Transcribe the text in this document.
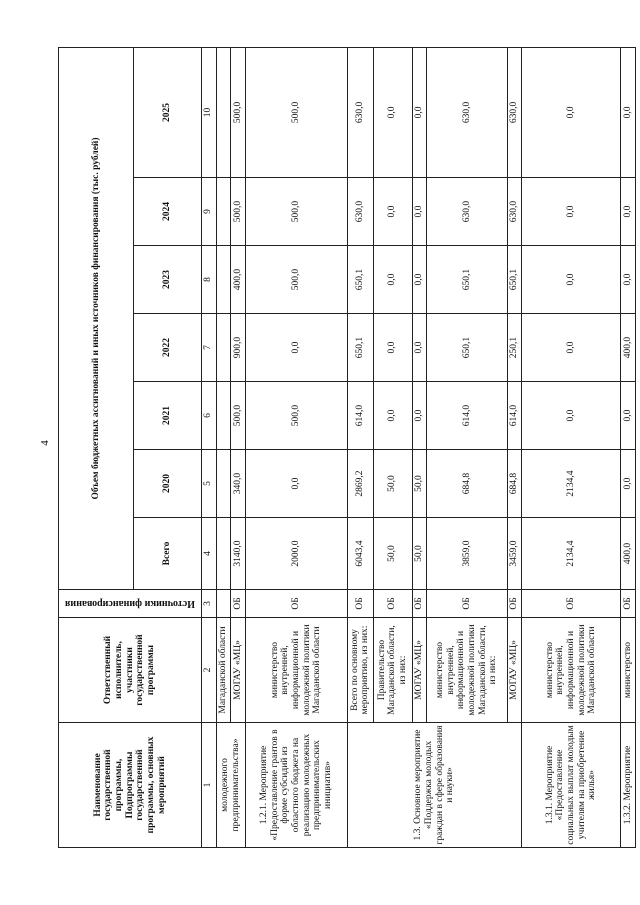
4
Наименование государственной программы, Подпрограммы государственной программы, основных мероприятий	Ответственный исполнитель, участники государственной программы	Источники финансирования	Объем бюджетных ассигнований и иных источников финансирования (тыс. рублей)						
			Всего	2020	2021	2022	2023	2024	2025
1	2	3	4	5	6	7	8	9	10
молодежного предпринимательства»	Магаданской области								
	МОГАУ «МЦ»	ОБ	3140,0	340,0	500,0	900,0	400,0	500,0	500,0
1.2.1. Мероприятие «Предоставление грантов в форме субсидий из областного бюджета на реализацию молодежных предпринимательских инициатив»	министерство внутренней, информационной и молодежной политики Магаданской области	ОБ	2000,0	0,0	500,0	0,0	500,0	500,0	500,0
1.3. Основное мероприятие «Поддержка молодых граждан в сфере образования и науки»	Всего по основному мероприятию, из них:	ОБ	6043,4	2869,2	614,0	650,1	650,1	630,0	630,0
	Правительство Магаданской области, из них:	ОБ	50,0	50,0	0,0	0,0	0,0	0,0	0,0
	МОГАУ «МЦ»	ОБ	50,0	50,0	0,0	0,0	0,0	0,0	0,0
	министерство внутренней, информационной и молодежной политики Магаданской области, из них:	ОБ	3859,0	684,8	614,0	650,1	650,1	630,0	630,0
	МОГАУ «МЦ»	ОБ	3459,0	684,8	614,0	250,1	650,1	630,0	630,0
1.3.1. Мероприятие «Предоставление социальных выплат молодым учителям на приобретение жилья»	министерство внутренней, информационной и молодежной политики Магаданской области	ОБ	2134,4	2134,4	0,0	0,0	0,0	0,0	0,0
1.3.2. Мероприятие	министерство	ОБ	400,0	0,0	0,0	400,0	0,0	0,0	0,0
